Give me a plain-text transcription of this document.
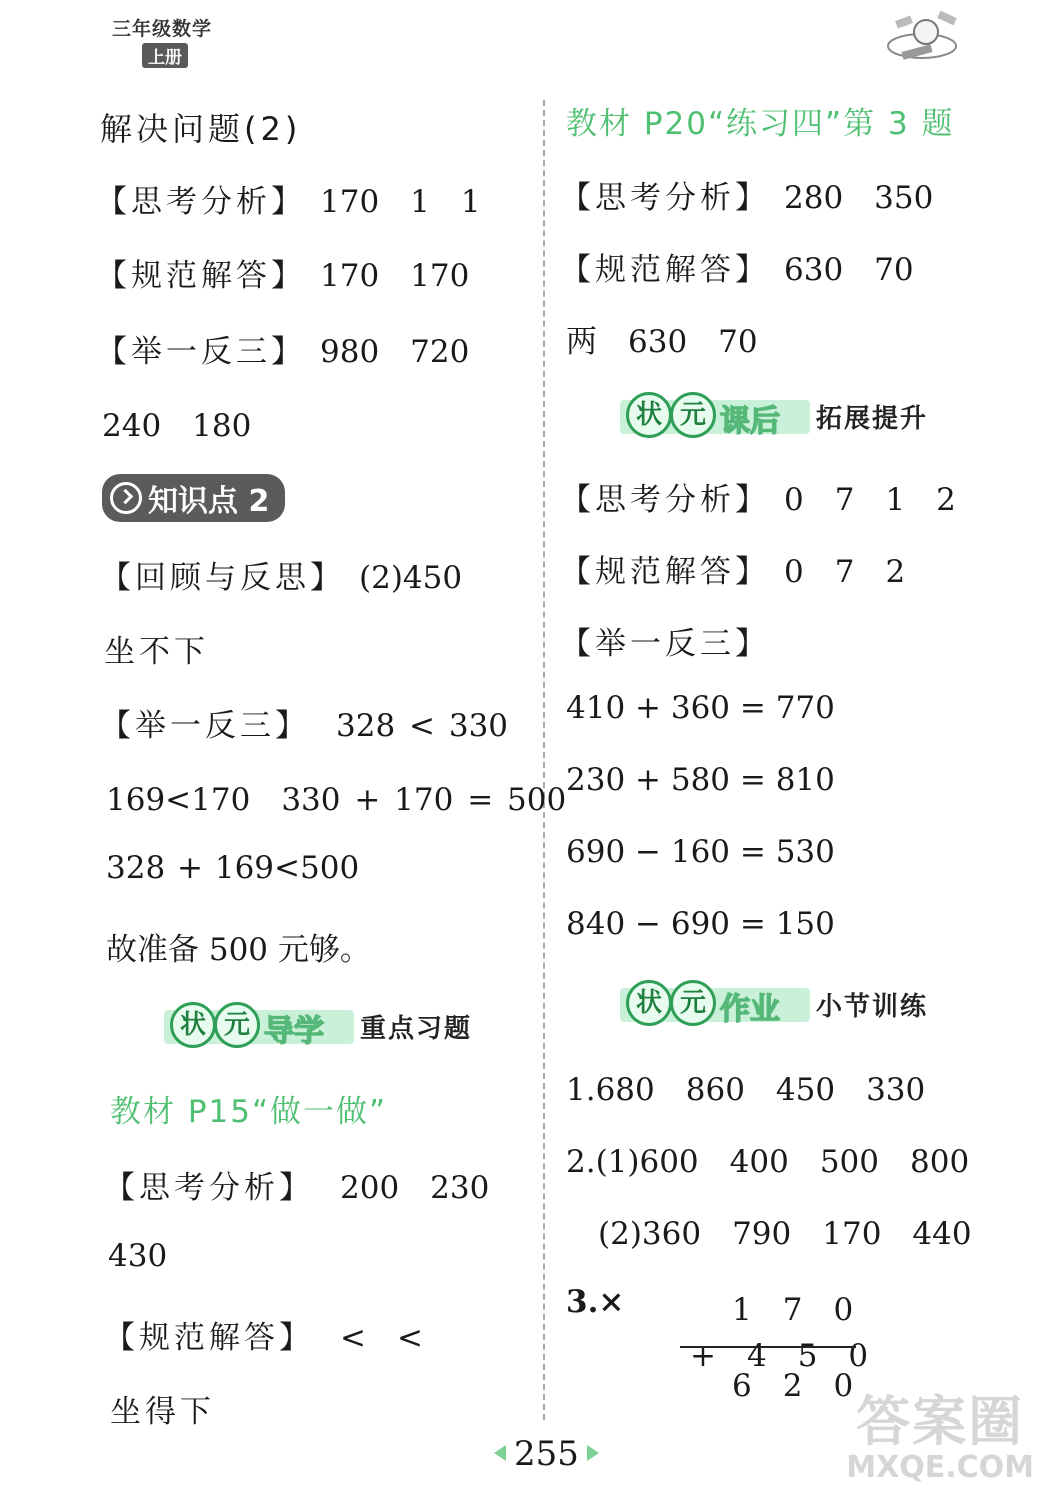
三年级数学
上册
解决问题(2)
【思考分析】 170　1　1
【规范解答】 170　170
【举一反三】 980　720
240　180
知识点 2
【回顾与反思】 (2)450
坐不下
【举一反三】 328 < 330
169<170　330 + 170 = 500
328 + 169<500
故准备 500 元够。
状 元 导学 重点习题
教材 P15“做一做”
【思考分析】 200　230
430
【规范解答】 <　<
坐得下
教材 P20“练习四”第 3 题
【思考分析】 280　350
【规范解答】 630　70
两　630　70
状 元 课后 拓展提升
【思考分析】 0　7　1　2
【规范解答】 0　7　2
【举一反三】
410 + 360 = 770
230 + 580 = 810
690 − 160 = 530
840 − 690 = 150
状 元 作业 小节训练
1.680　860　450　330
2.(1)600　400　500　800
(2)360　790　170　440
3.×	1　7　0
+　4　5　0
6　2　0
255
答案圈
MXQE.COM
